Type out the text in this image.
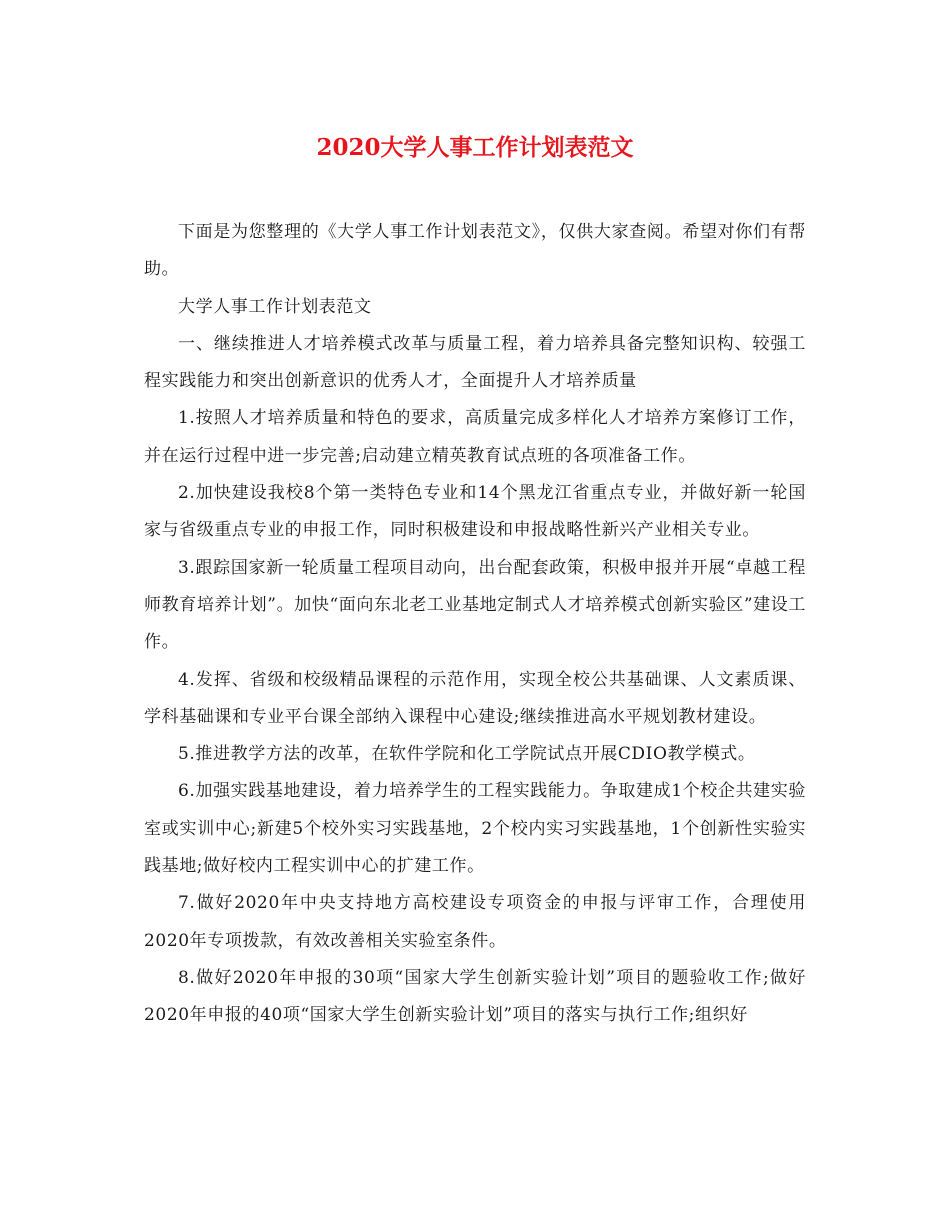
2020大学人事工作计划表范文

下面是为您整理的《大学人事工作计划表范文》，仅供大家查阅。希望对你们有帮助。

大学人事工作计划表范文

一、继续推进人才培养模式改革与质量工程，着力培养具备完整知识构、较强工程实践能力和突出创新意识的优秀人才，全面提升人才培养质量

1.按照人才培养质量和特色的要求，高质量完成多样化人才培养方案修订工作，并在运行过程中进一步完善;启动建立精英教育试点班的各项准备工作。

2.加快建设我校8个第一类特色专业和14个黑龙江省重点专业，并做好新一轮国家与省级重点专业的申报工作，同时积极建设和申报战略性新兴产业相关专业。

3.跟踪国家新一轮质量工程项目动向，出台配套政策，积极申报并开展“卓越工程师教育培养计划”。加快“面向东北老工业基地定制式人才培养模式创新实验区”建设工作。

4.发挥、省级和校级精品课程的示范作用，实现全校公共基础课、人文素质课、学科基础课和专业平台课全部纳入课程中心建设;继续推进高水平规划教材建设。

5.推进教学方法的改革，在软件学院和化工学院试点开展CDIO教学模式。

6.加强实践基地建设，着力培养学生的工程实践能力。争取建成1个校企共建实验室或实训中心;新建5个校外实习实践基地，2个校内实习实践基地，1个创新性实验实践基地;做好校内工程实训中心的扩建工作。

7.做好2020年中央支持地方高校建设专项资金的申报与评审工作，合理使用2020年专项拨款，有效改善相关实验室条件。

8.做好2020年申报的30项“国家大学生创新实验计划”项目的题验收工作;做好2020年申报的40项“国家大学生创新实验计划”项目的落实与执行工作;组织好
